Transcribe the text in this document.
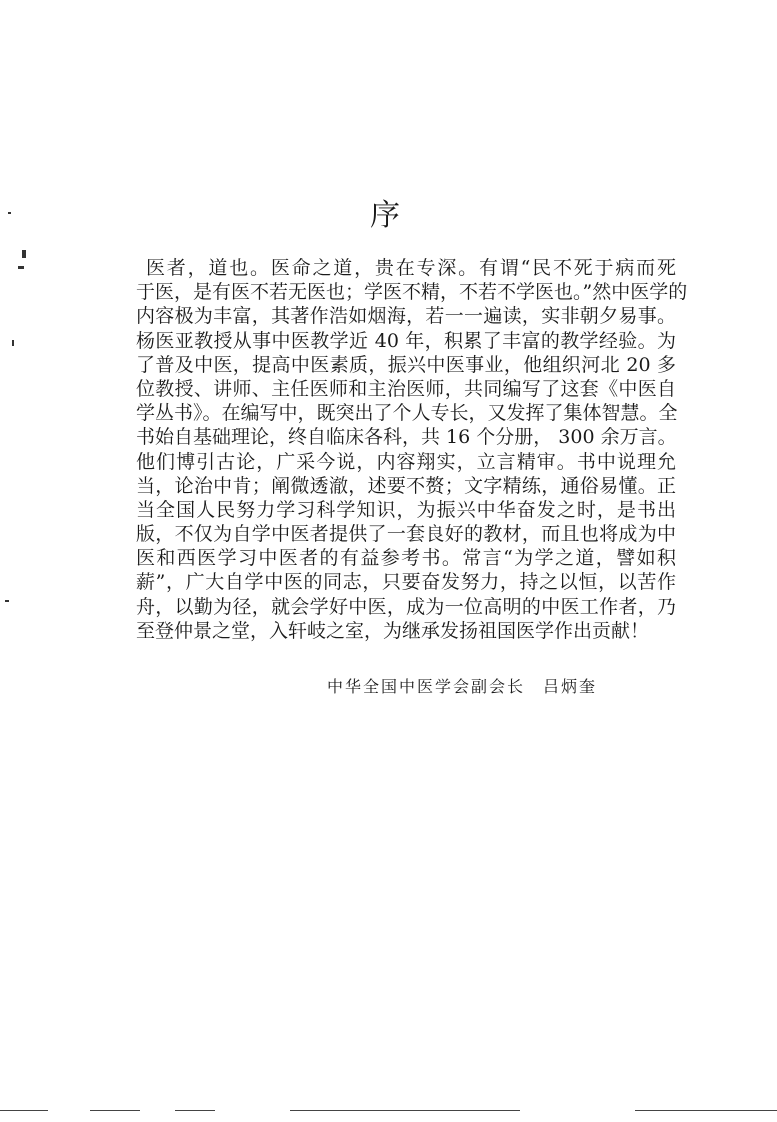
序
医者，道也。医命之道，贵在专深。有谓“民不死于病而死
于医，是有医不若无医也；学医不精，不若不学医也。”然中医学的
内容极为丰富，其著作浩如烟海，若一一遍读，实非朝夕易事。
杨医亚教授从事中医教学近 40 年，积累了丰富的教学经验。为
了普及中医，提高中医素质，振兴中医事业，他组织河北 20 多
位教授、讲师、主任医师和主治医师，共同编写了这套《中医自
学丛书》。在编写中，既突出了个人专长，又发挥了集体智慧。全
书始自基础理论，终自临床各科，共 16 个分册， 300 余万言。
他们博引古论，广采今说，内容翔实，立言精审。书中说理允
当，论治中肯；阐微透澈，述要不赘；文字精练，通俗易懂。正
当全国人民努力学习科学知识，为振兴中华奋发之时，是书出
版，不仅为自学中医者提供了一套良好的教材，而且也将成为中
医和西医学习中医者的有益参考书。常言“为学之道，譬如积
薪”，广大自学中医的同志，只要奋发努力，持之以恒，以苦作
舟，以勤为径，就会学好中医，成为一位高明的中医工作者，乃
至登仲景之堂，入轩岐之室，为继承发扬祖国医学作出贡献！
中华全国中医学会副会长　 吕炳奎
